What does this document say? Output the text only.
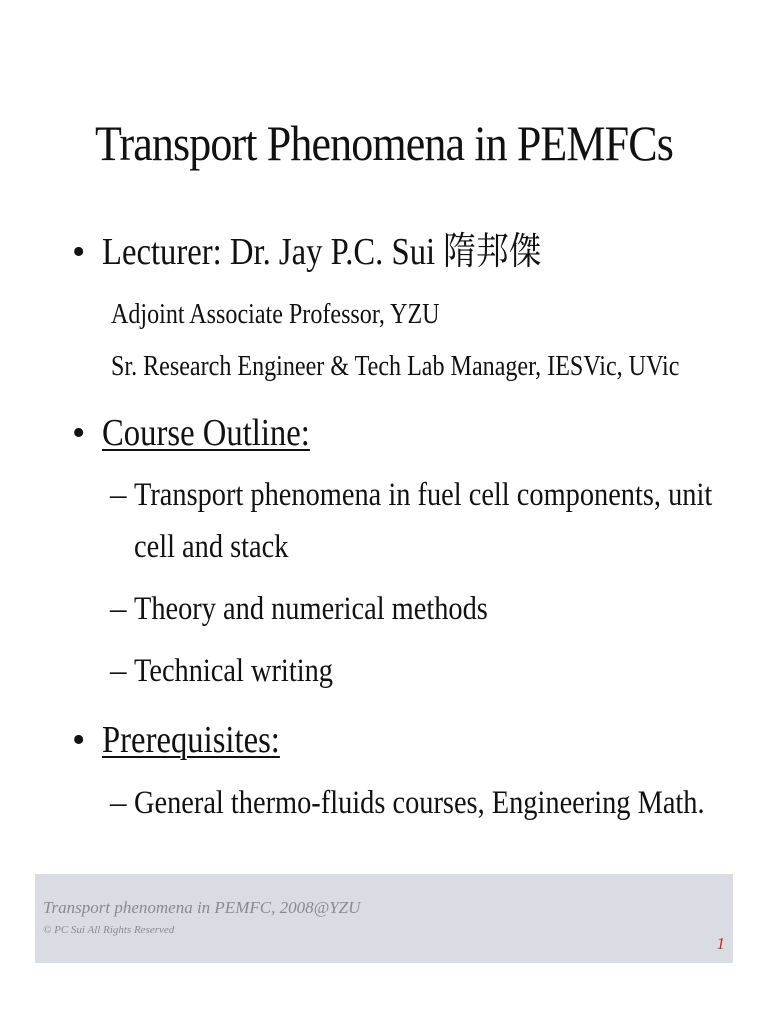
Transport Phenomena in PEMFCs
• Lecturer: Dr. Jay P.C. Sui 隋邦傑
Adjoint Associate Professor, YZU
Sr. Research Engineer & Tech Lab Manager, IESVic, UVic
• Course Outline:
– Transport phenomena in fuel cell components, unit
cell and stack
– Theory and numerical methods
– Technical writing
• Prerequisites:
– General thermo-fluids courses, Engineering Math.
Transport phenomena in PEMFC, 2008@YZU
© PC Sui All Rights Reserved
1
